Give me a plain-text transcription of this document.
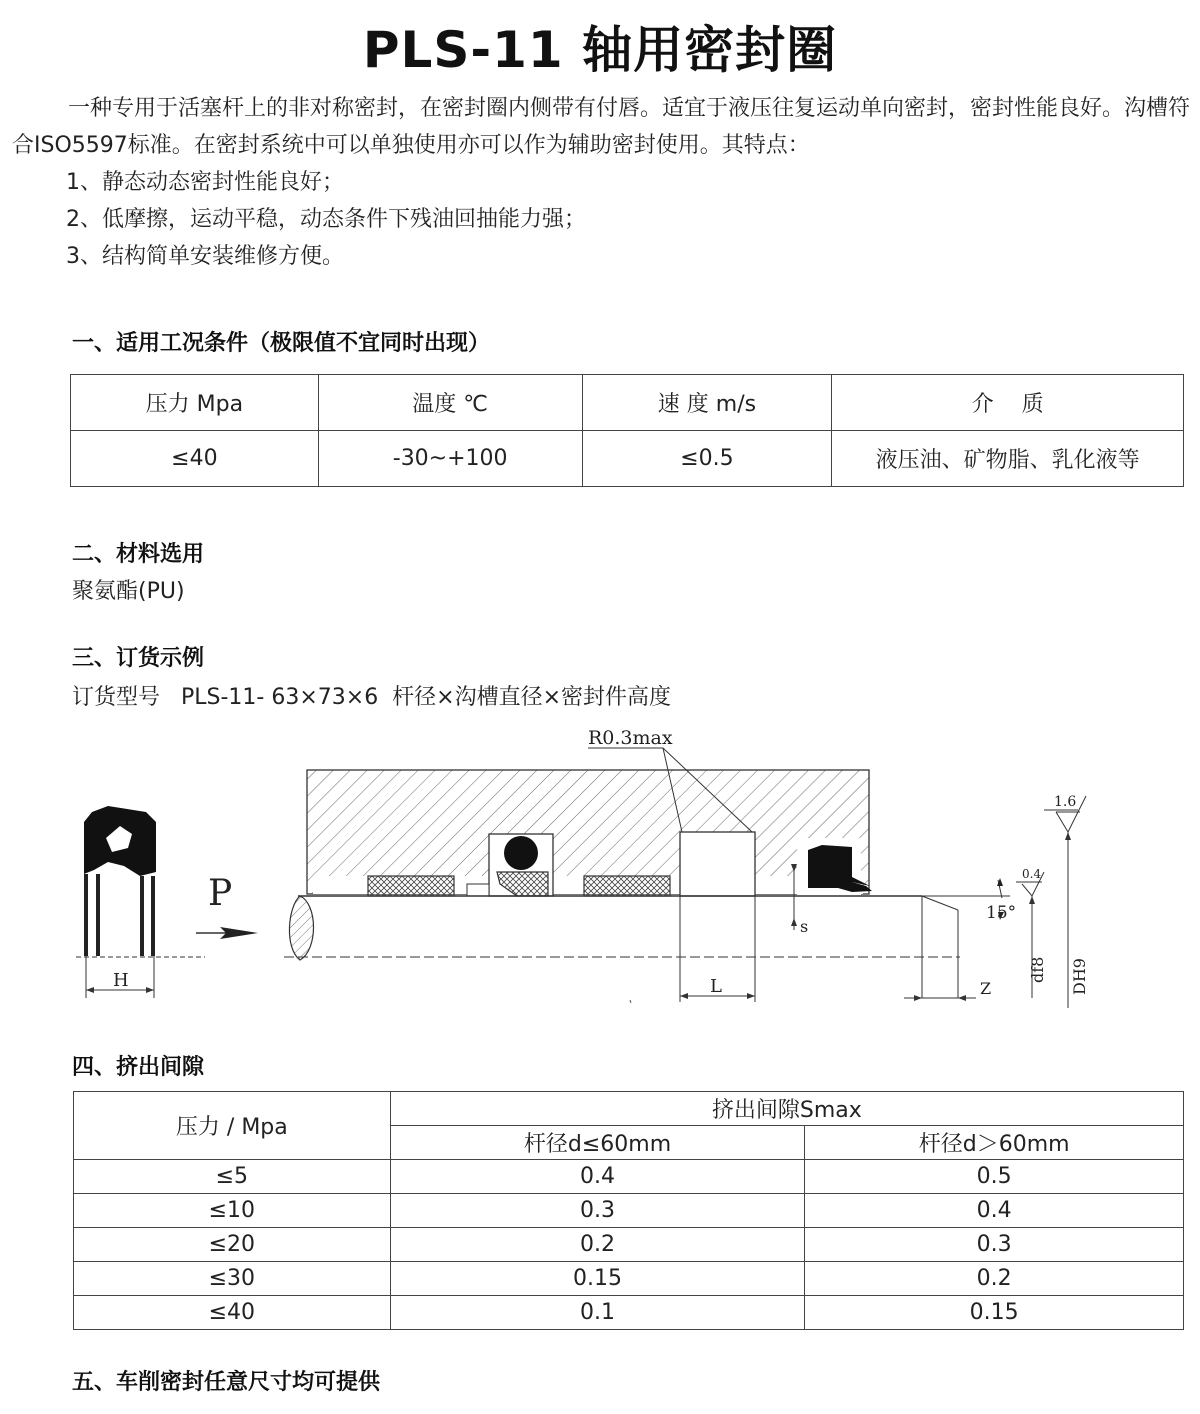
PLS-11 轴用密封圈

一种专用于活塞杆上的非对称密封，在密封圈内侧带有付唇。适宜于液压往复运动单向密封，密封性能良好。沟槽符合ISO5597标准。在密封系统中可以单独使用亦可以作为辅助密封使用。其特点：

1、静态动态密封性能良好；

2、低摩擦，运动平稳，动态条件下残油回抽能力强；

3、结构简单安装维修方便。

一、适用工况条件（极限值不宜同时出现）
压力 Mpa	温度 ℃	速 度 m/s	介    质
≤40	-30~+100	≤0.5	液压油、矿物脂、乳化液等
二、材料选用
聚氨酯(PU)
三、订货示例
订货型号   PLS-11- 63×73×6  杆径×沟槽直径×密封件高度
H
P
R0.3max
s
L	Z
15°
df8 DH9
1.6
0.4
四、挤出间隙
压力 / Mpa	挤出间隙Smax	
	杆径d≤60mm	杆径d＞60mm
≤5	0.4	0.5
≤10	0.3	0.4
≤20	0.2	0.3
≤30	0.15	0.2
≤40	0.1	0.15
五、车削密封任意尺寸均可提供
